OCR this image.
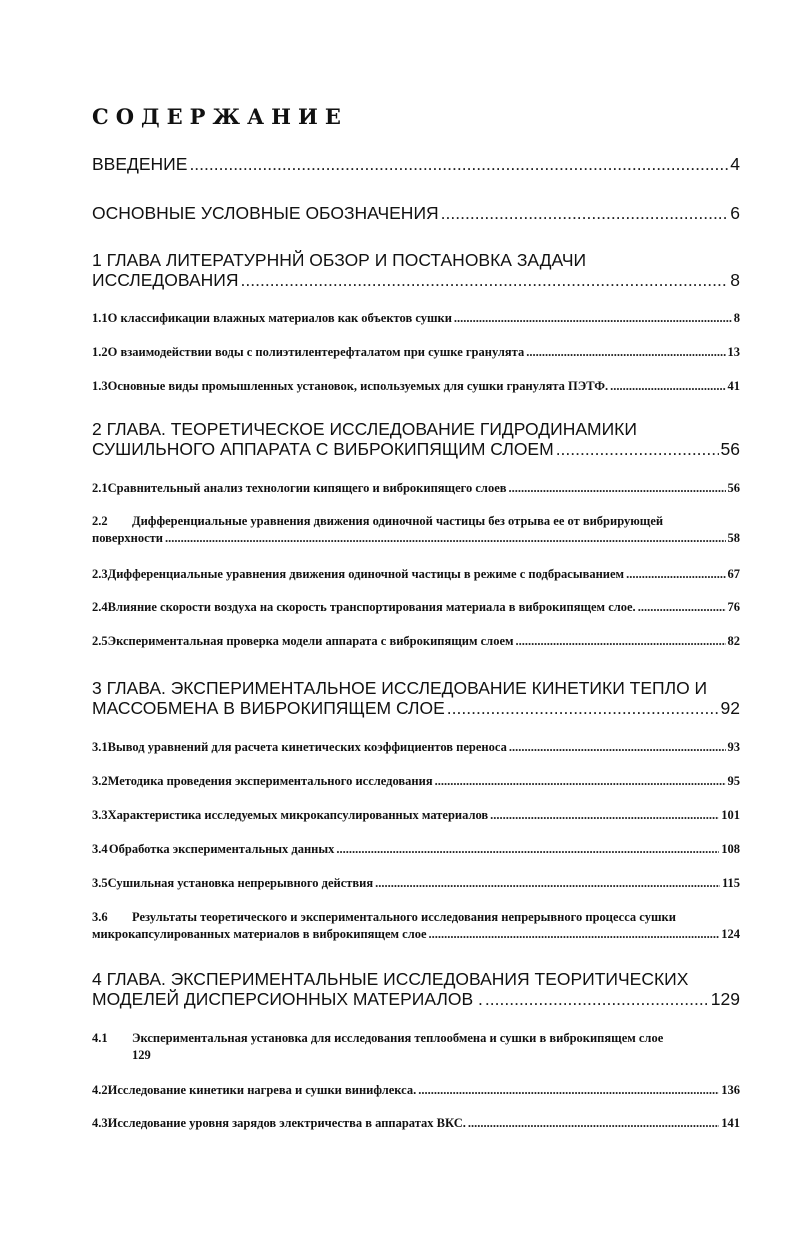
СОДЕРЖАНИЕ
ВВЕДЕНИЕ .....	4
ОСНОВНЫЕ УСЛОВНЫЕ ОБОЗНАЧЕНИЯ .....	6
1 ГЛАВА ЛИТЕРАТУРННЙ ОБЗОР И ПОСТАНОВКА ЗАДАЧИ
ИССЛЕДОВАНИЯ .....	8
1.1 О классификации влажных материалов как объектов сушки .....	8
1.2 О взаимодействии воды с полиэтилентерефталатом при сушке гранулята .....	13
1.3 Основные виды промышленных установок, используемых для сушки гранулята ПЭТФ. .....	41
2 ГЛАВА. ТЕОРЕТИЧЕСКОЕ ИССЛЕДОВАНИЕ ГИДРОДИНАМИКИ
СУШИЛЬНОГО АППАРАТА С ВИБРОКИПЯЩИМ СЛОЕМ .....	56
2.1 Сравнительный анализ технологии кипящего и виброкипящего слоев .....	56
2.2 Дифференциальные уравнения движения одиночной частицы без отрыва ее от вибрирующей
поверхности .....	58
2.3 Дифференциальные уравнения движения одиночной частицы в режиме с подбрасыванием .....	67
2.4 Влияние скорости воздуха на скорость транспортирования материала в виброкипящем слое. .....	76
2.5 Экспериментальная проверка модели аппарата с виброкипящим слоем .....	82
3 ГЛАВА. ЭКСПЕРИМЕНТАЛЬНОЕ ИССЛЕДОВАНИЕ КИНЕТИКИ ТЕПЛО И
МАССОБМЕНА В ВИБРОКИПЯЩЕМ СЛОЕ .....	92
3.1 Вывод уравнений для расчета кинетических коэффициентов переноса .....	93
3.2 Методика проведения экспериментального исследования .....	95
3.3 Характеристика исследуемых микрокапсулированных материалов .....	101
3.4 Обработка экспериментальных данных .....	108
3.5 Сушильная установка непрерывного действия .....	115
3.6 Результаты теоретического и экспериментального исследования непрерывного процесса сушки
микрокапсулированных материалов в виброкипящем слое .....	124
4 ГЛАВА. ЭКСПЕРИМЕНТАЛЬНЫЕ ИССЛЕДОВАНИЯ ТЕОРИТИЧЕСКИХ
МОДЕЛЕЙ ДИСПЕРСИОННЫХ МАТЕРИАЛОВ . .....	129
4.1 Экспериментальная установка для исследования теплообмена и сушки в виброкипящем слое
129
4.2 Исследование кинетики нагрева и сушки винифлекса. .....	136
4.3 Исследование уровня зарядов электричества в аппаратах ВКС. .....	141
